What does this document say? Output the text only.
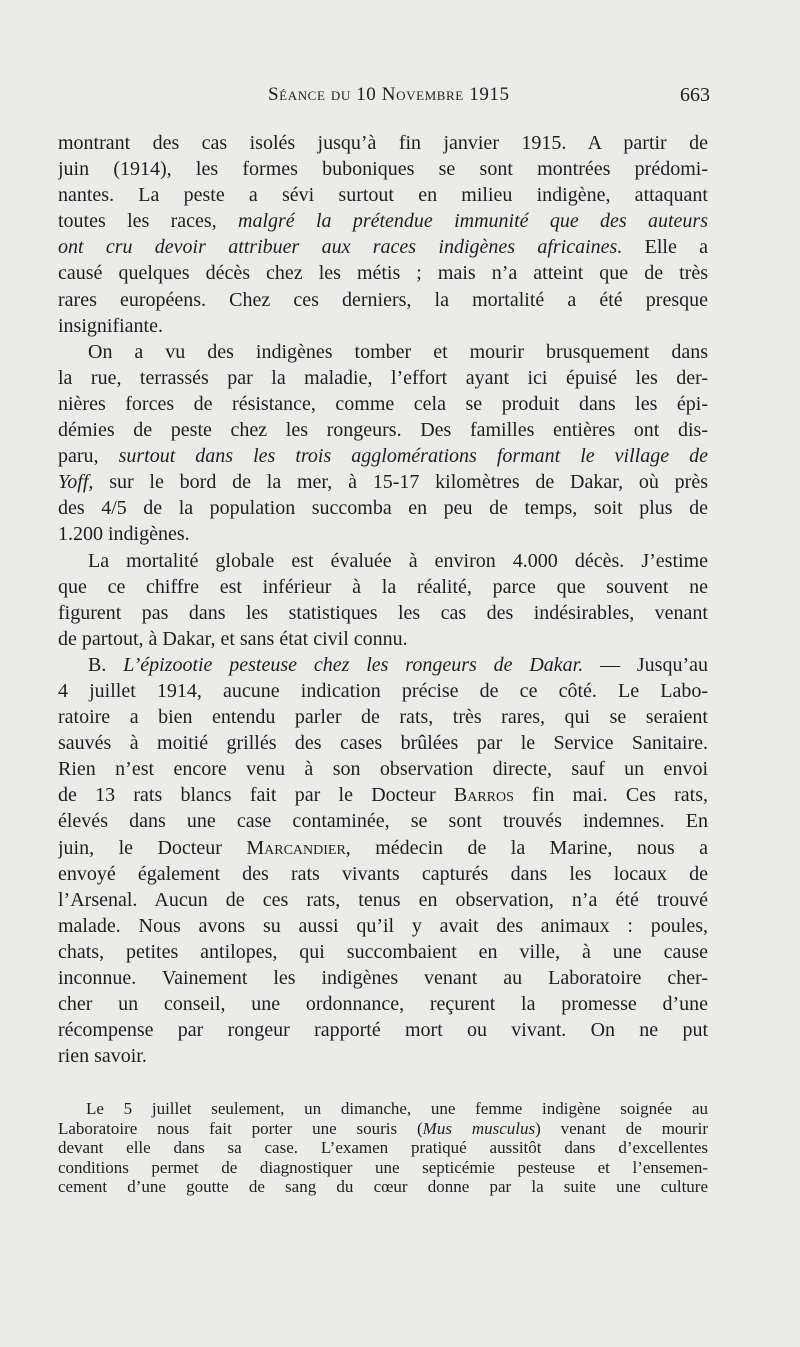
Séance du 10 Novembre 1915	663
montrant des cas isolés jusqu’à fin janvier 1915. A partir de
juin (1914), les formes buboniques se sont montrées prédomi-
nantes. La peste a sévi surtout en milieu indigène, attaquant
toutes les races, malgré la prétendue immunité que des auteurs
ont cru devoir attribuer aux races indigènes africaines. Elle a
causé quelques décès chez les métis ; mais n’a atteint que de très
rares européens. Chez ces derniers, la mortalité a été presque
insignifiante.
On a vu des indigènes tomber et mourir brusquement dans
la rue, terrassés par la maladie, l’effort ayant ici épuisé les der-
nières forces de résistance, comme cela se produit dans les épi-
démies de peste chez les rongeurs. Des familles entières ont dis-
paru, surtout dans les trois agglomérations formant le village de
Yoff, sur le bord de la mer, à 15-17 kilomètres de Dakar, où près
des 4/5 de la population succomba en peu de temps, soit plus de
1.200 indigènes.
La mortalité globale est évaluée à environ 4.000 décès. J’estime
que ce chiffre est inférieur à la réalité, parce que souvent ne
figurent pas dans les statistiques les cas des indésirables, venant
de partout, à Dakar, et sans état civil connu.
B. L’épizootie pesteuse chez les rongeurs de Dakar. — Jusqu’au
4 juillet 1914, aucune indication précise de ce côté. Le Labo-
ratoire a bien entendu parler de rats, très rares, qui se seraient
sauvés à moitié grillés des cases brûlées par le Service Sanitaire.
Rien n’est encore venu à son observation directe, sauf un envoi
de 13 rats blancs fait par le Docteur Barros fin mai. Ces rats,
élevés dans une case contaminée, se sont trouvés indemnes. En
juin, le Docteur Marcandier, médecin de la Marine, nous a
envoyé également des rats vivants capturés dans les locaux de
l’Arsenal. Aucun de ces rats, tenus en observation, n’a été trouvé
malade. Nous avons su aussi qu’il y avait des animaux : poules,
chats, petites antilopes, qui succombaient en ville, à une cause
inconnue. Vainement les indigènes venant au Laboratoire cher-
cher un conseil, une ordonnance, reçurent la promesse d’une
récompense par rongeur rapporté mort ou vivant. On ne put
rien savoir.
Le 5 juillet seulement, un dimanche, une femme indigène soignée au
Laboratoire nous fait porter une souris (Mus musculus) venant de mourir
devant elle dans sa case. L’examen pratiqué aussitôt dans d’excellentes
conditions permet de diagnostiquer une septicémie pesteuse et l’ensemen-
cement d’une goutte de sang du cœur donne par la suite une culture
